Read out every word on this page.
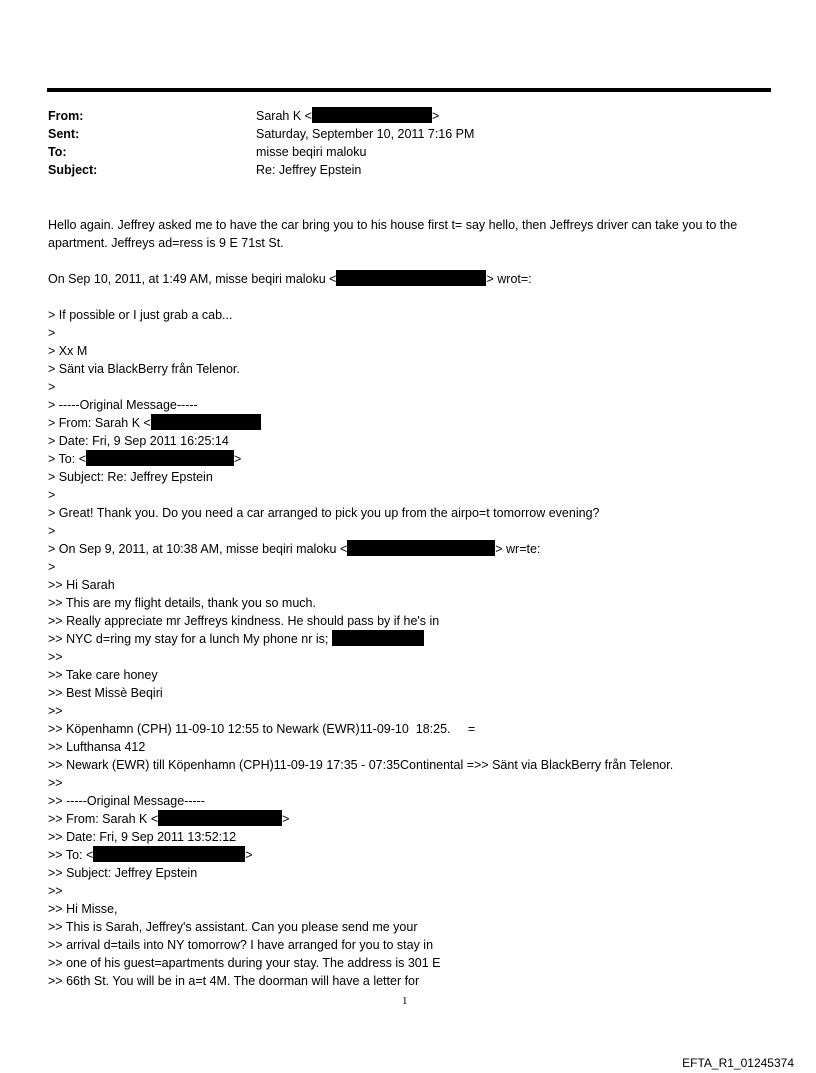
From:	Sarah K <	>
Sent:	Saturday, September 10, 2011 7:16 PM
To:	misse beqiri maloku
Subject:	Re: Jeffrey Epstein

Hello again. Jeffrey asked me to have the car bring you to his house first t= say hello, then Jeffreys driver can take you to the apartment. Jeffreys ad=ress is 9 E 71st St.

On Sep 10, 2011, at 1:49 AM, misse beqiri maloku <	> wrot=:
> If possible or I just grab a cab...
>
> Xx M
> Sänt via BlackBerry från Telenor.
>
> -----Original Message-----
> From: Sarah K <
> Date: Fri, 9 Sep 2011 16:25:14
> To: <	>
> Subject: Re: Jeffrey Epstein
>
> Great! Thank you. Do you need a car arranged to pick you up from the airpo=t tomorrow evening?
>
> On Sep 9, 2011, at 10:38 AM, misse beqiri maloku <	> wr=te:
>
>> Hi Sarah
>> This are my flight details, thank you so much.
>> Really appreciate mr Jeffreys kindness. He should pass by if he's in
>> NYC d=ring my stay for a lunch My phone nr is;
>>
>> Take care honey
>> Best Missè Beqiri
>>
>> Köpenhamn (CPH) 11-09-10 12:55 to Newark (EWR)11-09-10  18:25.     =
>> Lufthansa 412
>> Newark (EWR) till Köpenhamn (CPH)11-09-19 17:35 - 07:35Continental =>> Sänt via BlackBerry från Telenor.
>>
>> -----Original Message-----
>> From: Sarah K <	>
>> Date: Fri, 9 Sep 2011 13:52:12
>> To: <	>
>> Subject: Jeffrey Epstein
>>
>> Hi Misse,
>> This is Sarah, Jeffrey's assistant. Can you please send me your
>> arrival d=tails into NY tomorrow? I have arranged for you to stay in
>> one of his guest=apartments during your stay. The address is 301 E
>> 66th St. You will be in a=t 4M. The doorman will have a letter for
1
EFTA_R1_01245374
